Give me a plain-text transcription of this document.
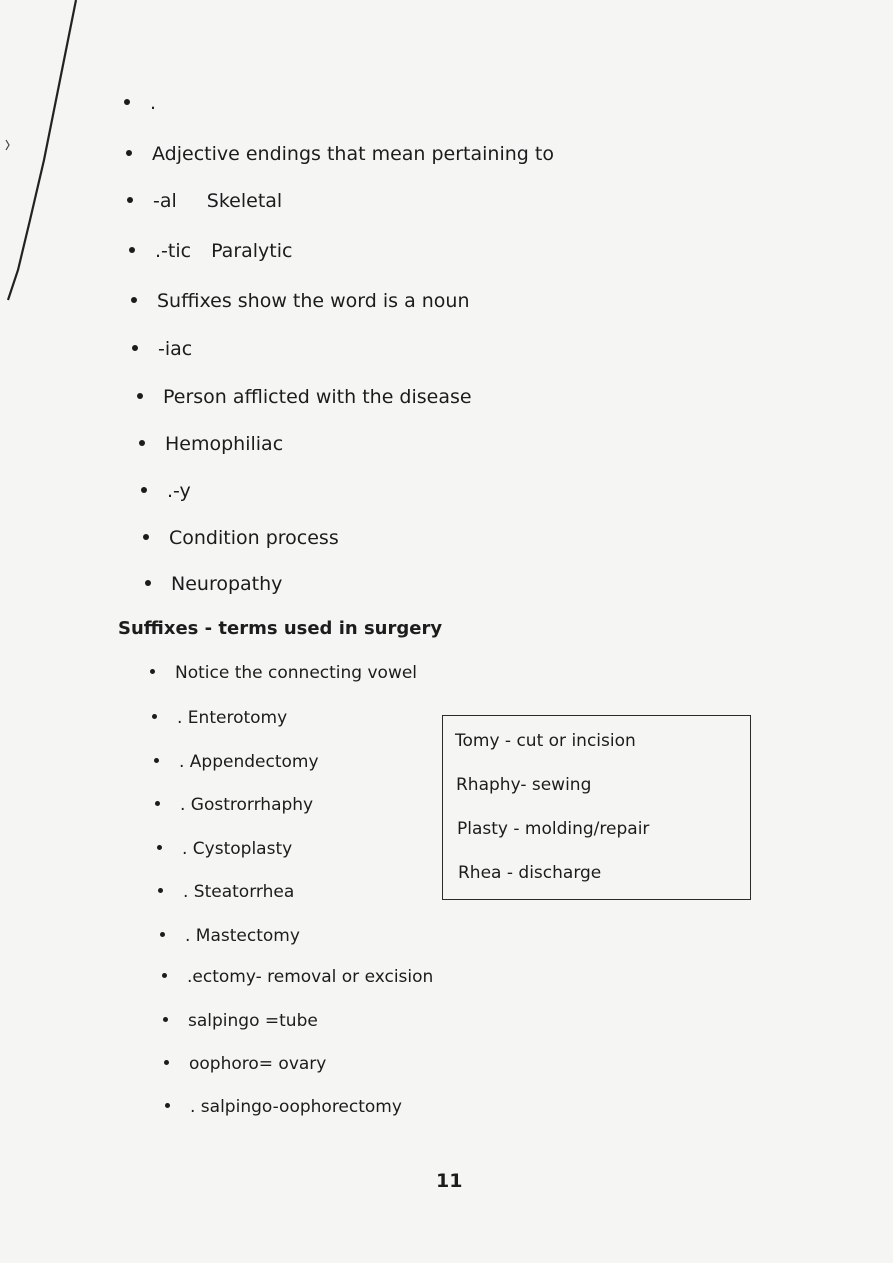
.
Adjective endings that mean pertaining to
-al Skeletal
.-tic Paralytic
Suffixes show the word is a noun
-iac
Person afflicted with the disease
Hemophiliac
.-y
Condition process
Neuropathy
Suffixes - terms used in surgery
Notice the connecting vowel
. Enterotomy
. Appendectomy
. Gostrorrhaphy
. Cystoplasty
. Steatorrhea
. Mastectomy
.ectomy- removal or excision
salpingo =tube
oophoro= ovary
. salpingo-oophorectomy
Tomy - cut or incision
Rhaphy- sewing
Plasty - molding/repair
Rhea - discharge
11
